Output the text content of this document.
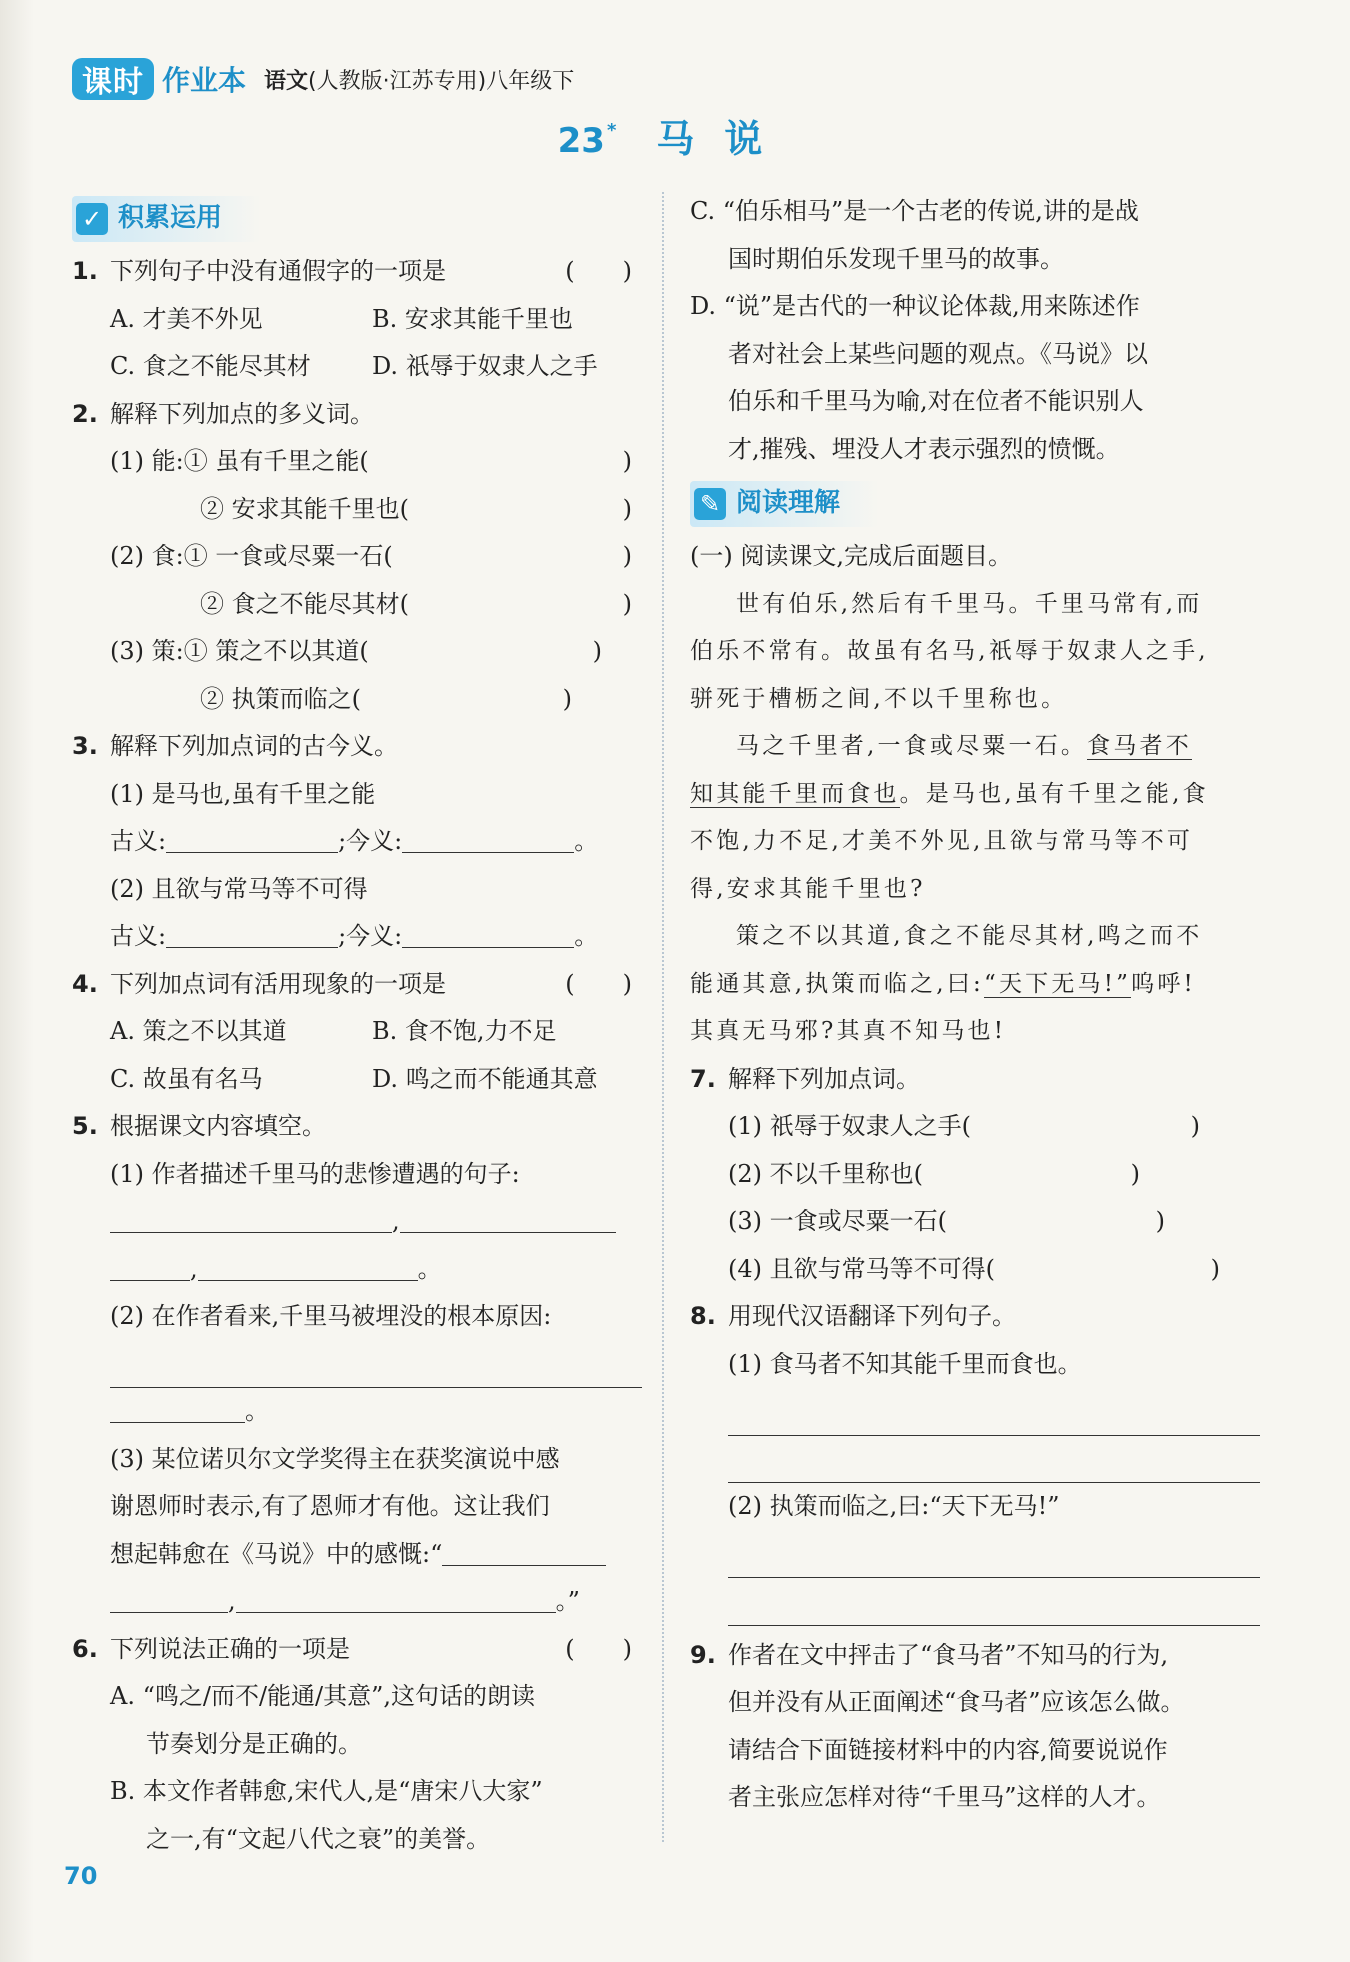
课时 作业本 语文(人教版·江苏专用)八年级下
23 * 马说
✓ 积累运用
1. 下列句子中没有通假字的一项是	(　　)
A. 才美不外见	B. 安求其能千里也
C. 食之不能尽其材	D. 祇辱于奴隶人之手
2. 解释下列加点的多义词。
(1) 能:① 虽有千里之能(	)
② 安求其能千里也(	)
(2) 食:① 一食或尽粟一石(	)
② 食之不能尽其材(	)
(3) 策:① 策之不以其道(	)
② 执策而临之(	)
3. 解释下列加点词的古今义。
(1) 是马也,虽有千里之能
古义:	;今义:	。
(2) 且欲与常马等不可得
古义:	;今义:	。
4. 下列加点词有活用现象的一项是	(　　)
A. 策之不以其道	B. 食不饱,力不足
C. 故虽有名马	D. 鸣之而不能通其意
5. 根据课文内容填空。
(1) 作者描述千里马的悲惨遭遇的句子:
,
,	。
(2) 在作者看来,千里马被埋没的根本原因:
。
(3) 某位诺贝尔文学奖得主在获奖演说中感
谢恩师时表示,有了恩师才有他。这让我们
想起韩愈在《马说》中的感慨:“
,	。”
6. 下列说法正确的一项是	(　　)
A. “鸣之/而不/能通/其意”,这句话的朗读
节奏划分是正确的。
B. 本文作者韩愈,宋代人,是“唐宋八大家”
之一,有“文起八代之衰”的美誉。
C. “伯乐相马”是一个古老的传说,讲的是战
国时期伯乐发现千里马的故事。
D. “说”是古代的一种议论体裁,用来陈述作
者对社会上某些问题的观点。《马说》以
伯乐和千里马为喻,对在位者不能识别人
才,摧残、埋没人才表示强烈的愤慨。
✎ 阅读理解
(一) 阅读课文,完成后面题目。
世有伯乐,然后有千里马。千里马常有,而
伯乐不常有。故虽有名马,祇辱于奴隶人之手,
骈死于槽枥之间,不以千里称也。
马之千里者,一食或尽粟一石。食马者不
知其能千里而食也。是马也,虽有千里之能,食
不饱,力不足,才美不外见,且欲与常马等不可
得,安求其能千里也?
策之不以其道,食之不能尽其材,鸣之而不
能通其意,执策而临之,曰:“天下无马!”呜呼!
其真无马邪?其真不知马也!
7. 解释下列加点词。
(1) 祇辱于奴隶人之手(	)
(2) 不以千里称也(	)
(3) 一食或尽粟一石(	)
(4) 且欲与常马等不可得(	)
8. 用现代汉语翻译下列句子。
(1) 食马者不知其能千里而食也。
(2) 执策而临之,曰:“天下无马!”
9. 作者在文中抨击了“食马者”不知马的行为,
但并没有从正面阐述“食马者”应该怎么做。
请结合下面链接材料中的内容,简要说说作
者主张应怎样对待“千里马”这样的人才。
70
